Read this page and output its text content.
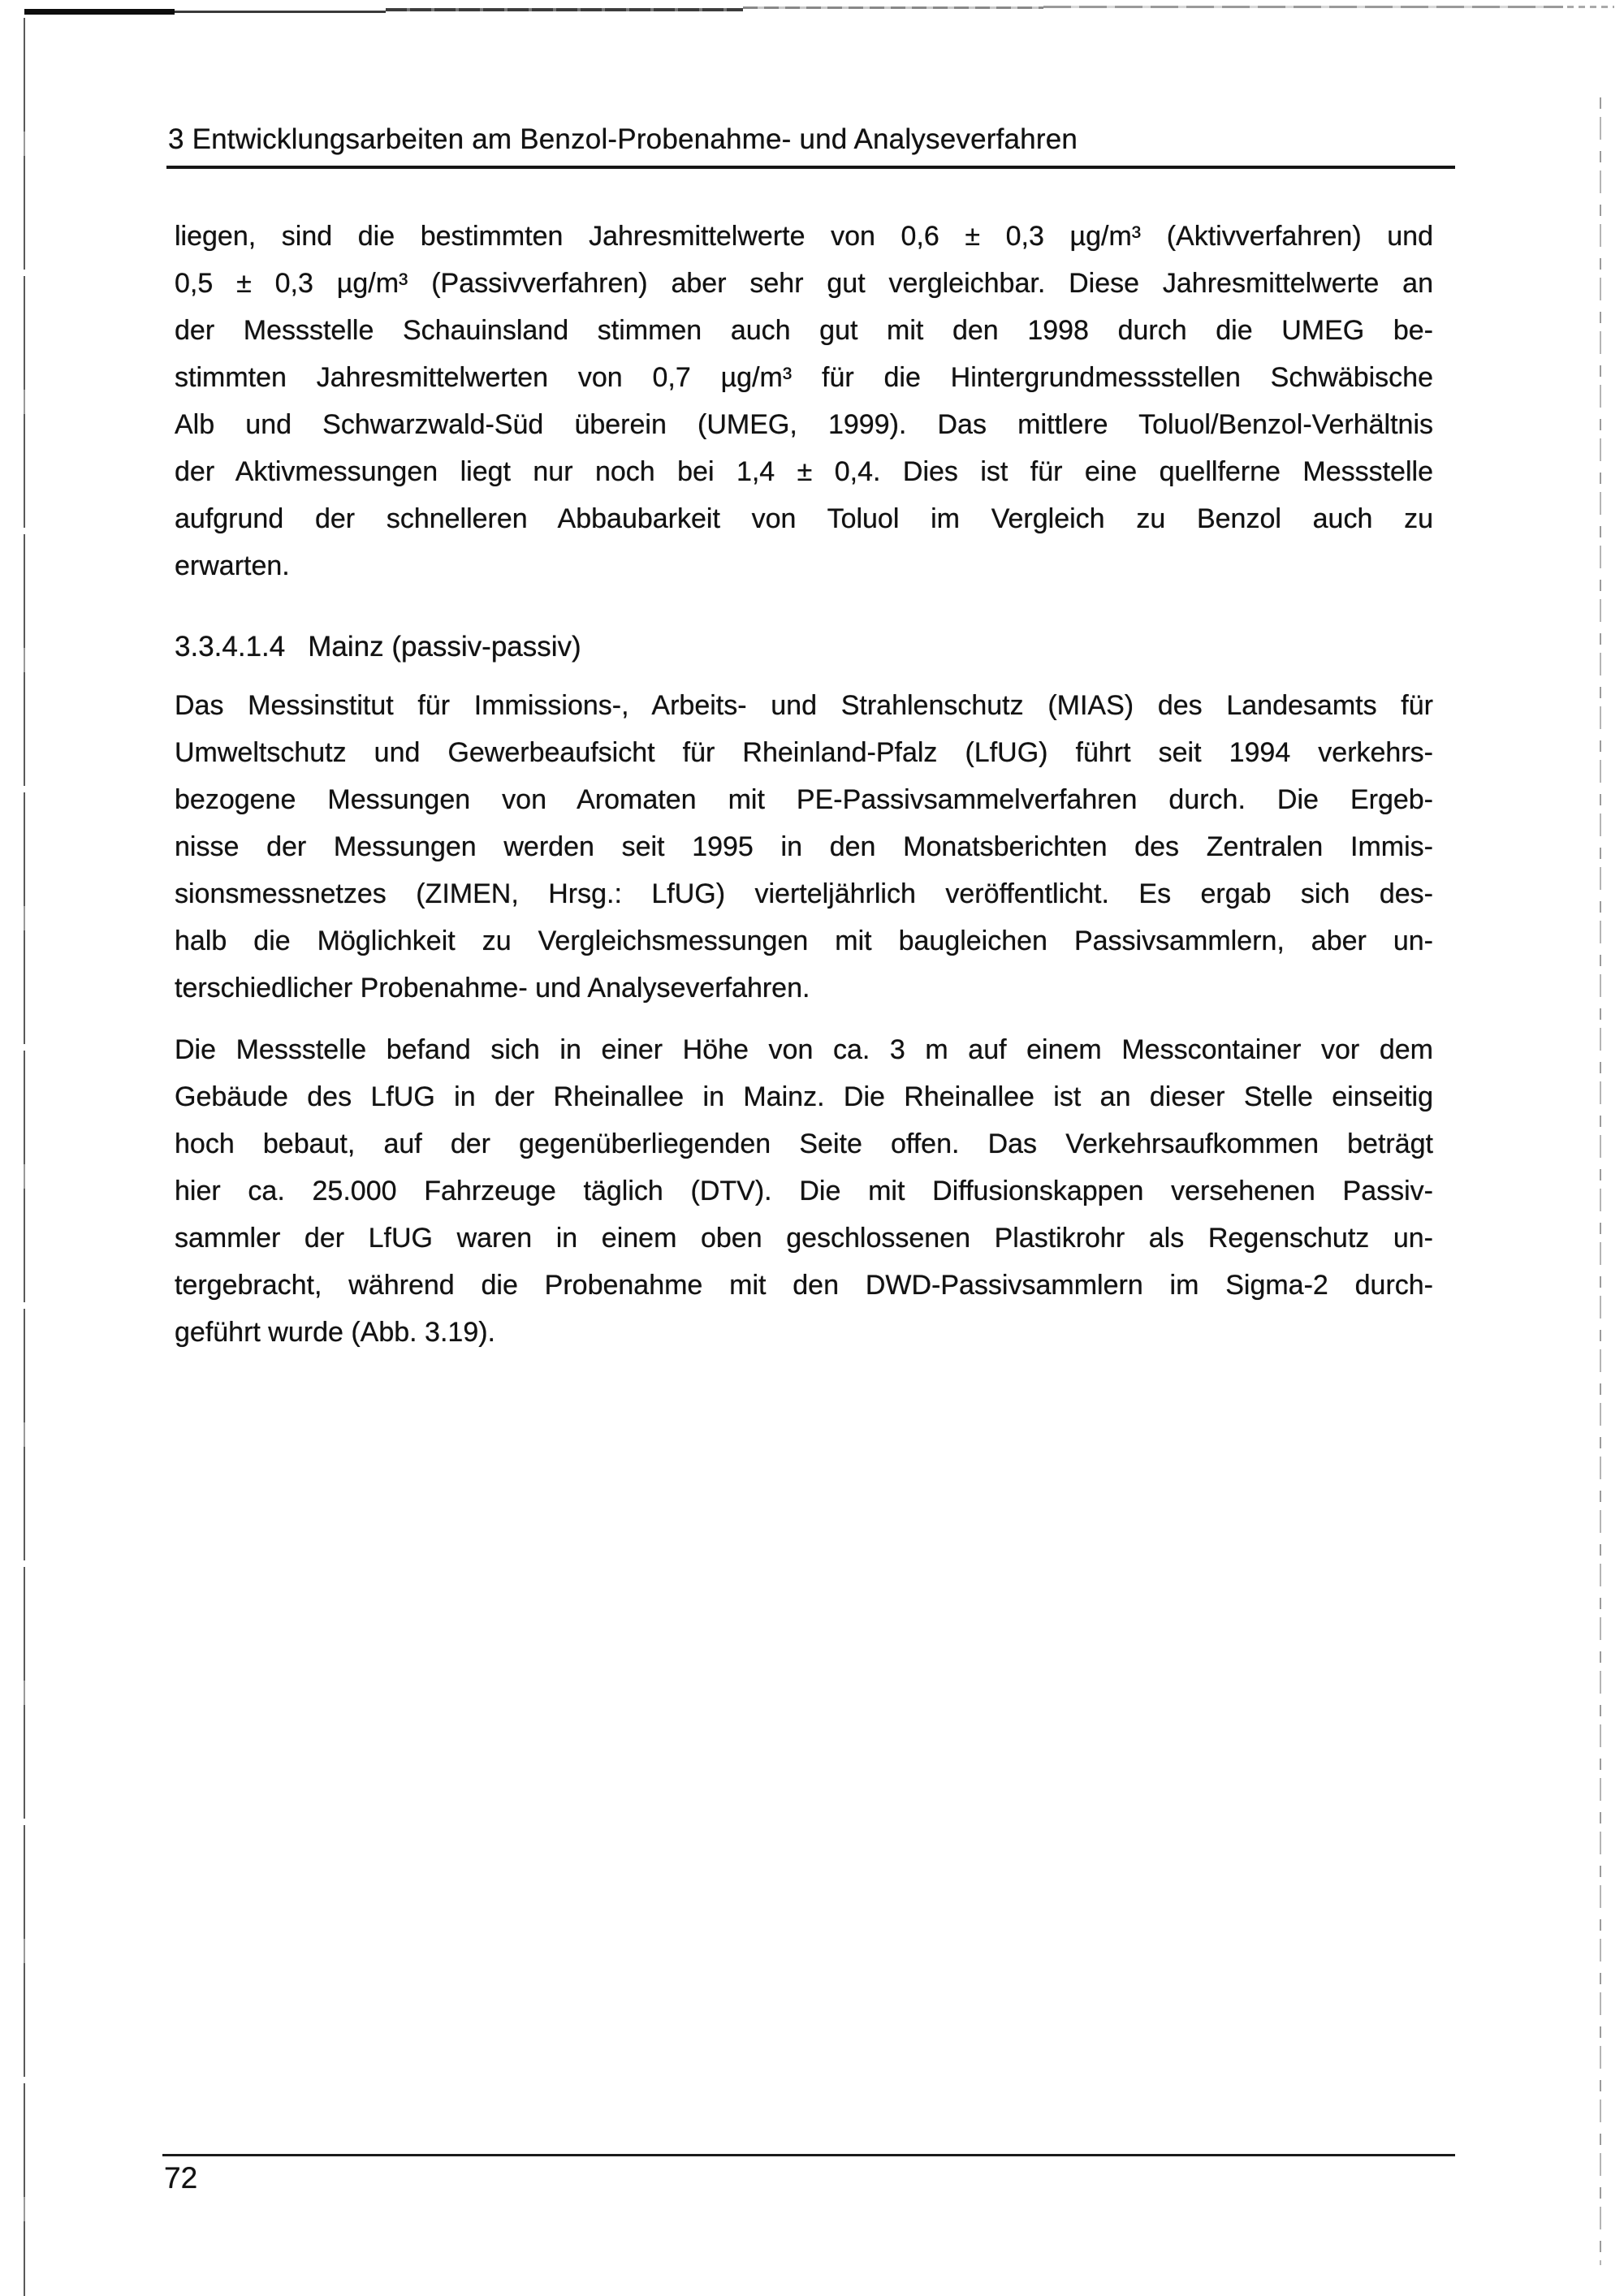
3 Entwicklungsarbeiten am Benzol-Probenahme- und Analyseverfahren
liegen, sind die bestimmten Jahresmittelwerte von 0,6 ± 0,3 µg/m³ (Aktivverfahren) und
0,5 ± 0,3 µg/m³ (Passivverfahren) aber sehr gut vergleichbar. Diese Jahresmittelwerte an
der Messstelle Schauinsland stimmen auch gut mit den 1998 durch die UMEG be-
stimmten Jahresmittelwerten von 0,7 µg/m³ für die Hintergrundmessstellen Schwäbische
Alb und Schwarzwald-Süd überein (UMEG, 1999). Das mittlere Toluol/Benzol-Verhältnis
der Aktivmessungen liegt nur noch bei 1,4 ± 0,4. Dies ist für eine quellferne Messstelle
aufgrund der schnelleren Abbaubarkeit von Toluol im Vergleich zu Benzol auch zu
erwarten.
3.3.4.1.4 Mainz (passiv-passiv)
Das Messinstitut für Immissions-, Arbeits- und Strahlenschutz (MIAS) des Landesamts für
Umweltschutz und Gewerbeaufsicht für Rheinland-Pfalz (LfUG) führt seit 1994 verkehrs-
bezogene Messungen von Aromaten mit PE-Passivsammelverfahren durch. Die Ergeb-
nisse der Messungen werden seit 1995 in den Monatsberichten des Zentralen Immis-
sionsmessnetzes (ZIMEN, Hrsg.: LfUG) vierteljährlich veröffentlicht. Es ergab sich des-
halb die Möglichkeit zu Vergleichsmessungen mit baugleichen Passivsammlern, aber un-
terschiedlicher Probenahme- und Analyseverfahren.
Die Messstelle befand sich in einer Höhe von ca. 3 m auf einem Messcontainer vor dem
Gebäude des LfUG in der Rheinallee in Mainz. Die Rheinallee ist an dieser Stelle einseitig
hoch bebaut, auf der gegenüberliegenden Seite offen. Das Verkehrsaufkommen beträgt
hier ca. 25.000 Fahrzeuge täglich (DTV). Die mit Diffusionskappen versehenen Passiv-
sammler der LfUG waren in einem oben geschlossenen Plastikrohr als Regenschutz un-
tergebracht, während die Probenahme mit den DWD-Passivsammlern im Sigma-2 durch-
geführt wurde (Abb. 3.19).
72
